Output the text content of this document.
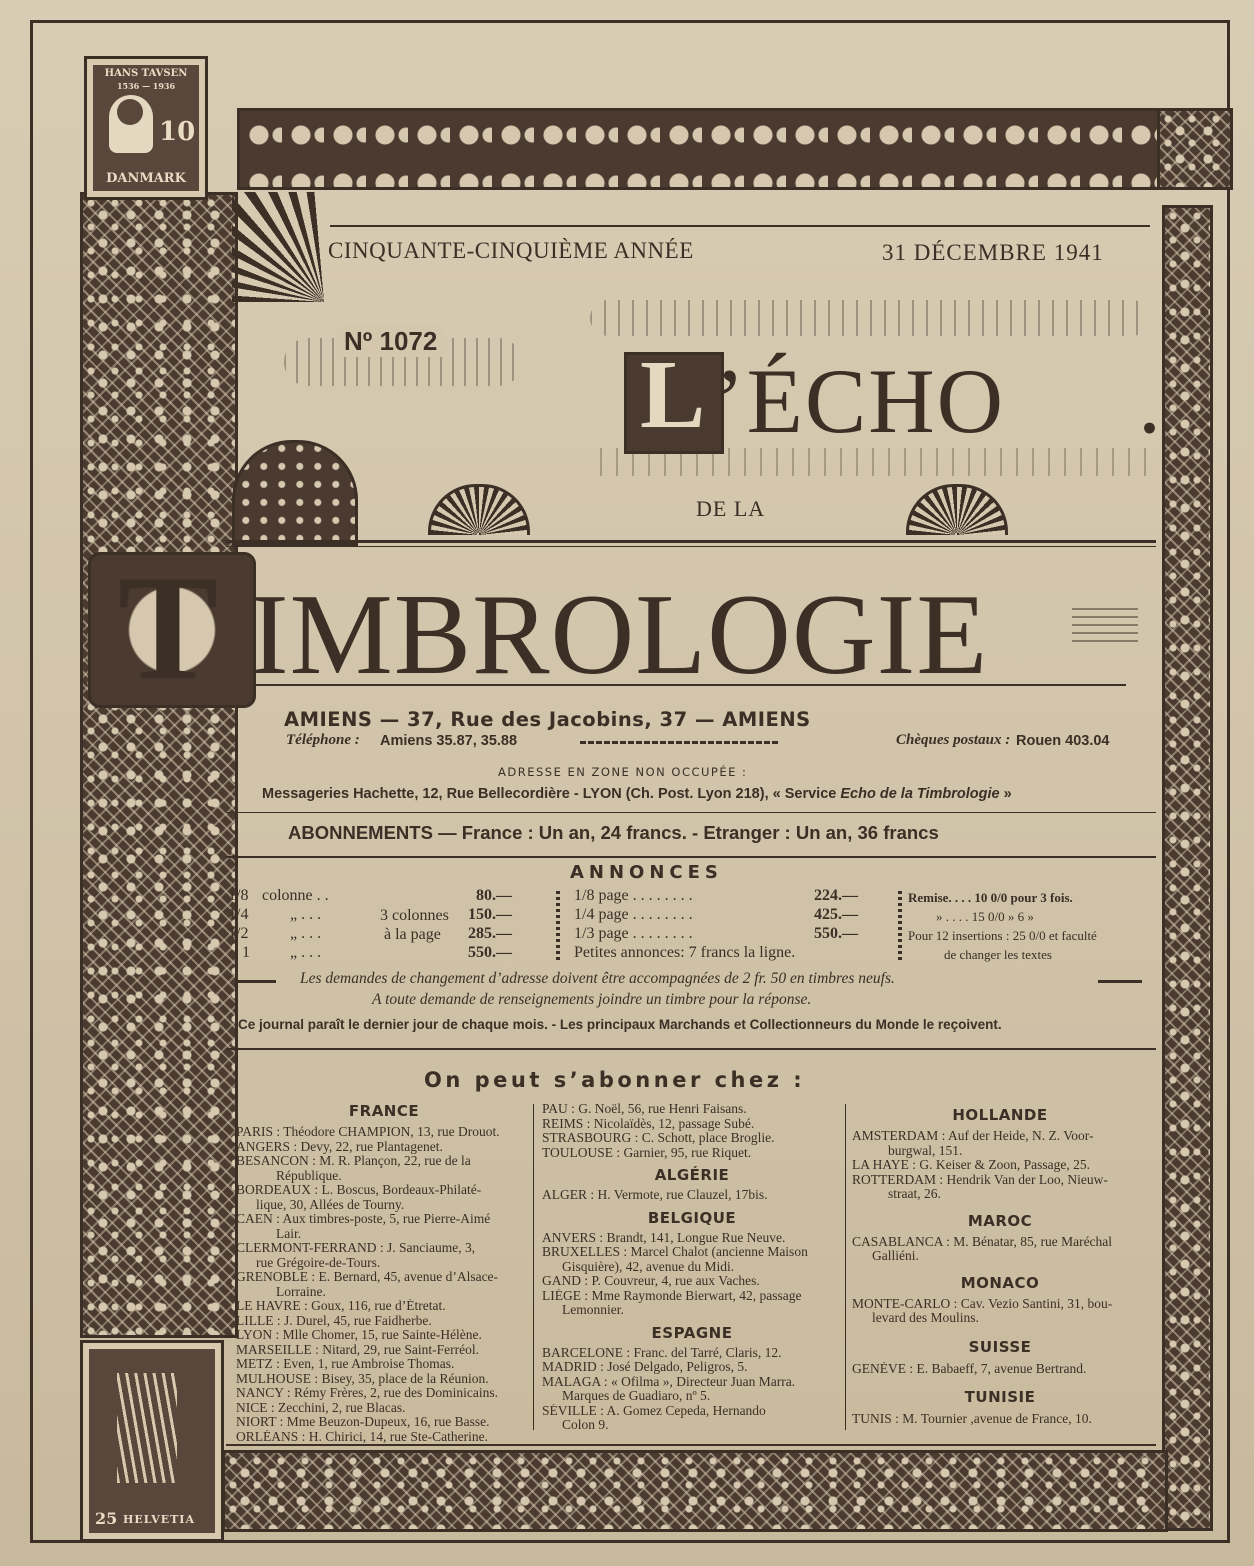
HANS TAVSEN
1536 — 1936
10
DANMARK
25 HELVETIA
CINQUANTE-CINQUIÈME ANNÉE	31 DÉCEMBRE 1941
Nº 1072 L ’ÉCHO .
DE LA
T IMBROLOGIE
AMIENS — 37, Rue des Jacobins, 37 — AMIENS
Téléphone : Amiens 35.87, 35.88	Chèques postaux : Rouen 403.04
ADRESSE EN ZONE NON OCCUPÉE :
Messageries Hachette, 12, Rue Bellecordière - LYON (Ch. Post. Lyon 218), « Service Echo de la Timbrologie »
ABONNEMENTS — France : Un an, 24 francs. - Etranger : Un an, 36 francs
ANNONCES
1/8 colonne . .	80.—
1/4	„ . . .	150.—
1/2	„ . . .	285.—
1	„ . . .	550.—
3 colonnes
à la page
1/8 page . . . . . . . .	224.—
1/4 page . . . . . . . .	425.—
1/3 page . . . . . . . .	550.—
Petites annonces: 7 francs la ligne.
Remise. . . . 10 0/0 pour 3 fois.
» . . . . 15 0/0 » 6 »
Pour 12 insertions : 25 0/0 et faculté
de changer les textes
Les demandes de changement d’adresse doivent être accompagnées de 2 fr. 50 en timbres neufs.
A toute demande de renseignements joindre un timbre pour la réponse.
Ce journal paraît le dernier jour de chaque mois. - Les principaux Marchands et Collectionneurs du Monde le reçoivent.
On peut s’abonner chez :
FRANCE
PARIS : Théodore CHAMPION, 13, rue Drouot.
ANGERS : Devy, 22, rue Plantagenet.
BESANCON : M. R. Plançon, 22, rue de la
République.
BORDEAUX : L. Boscus, Bordeaux-Philaté-
lique, 30, Allées de Tourny.
CAEN : Aux timbres-poste, 5, rue Pierre-Aimé
Lair.
CLERMONT-FERRAND : J. Sanciaume, 3,
rue Grégoire-de-Tours.
GRENOBLE : E. Bernard, 45, avenue d’Alsace-
Lorraine.
LE HAVRE : Goux, 116, rue d’Étretat.
LILLE : J. Durel, 45, rue Faidherbe.
LYON : Mlle Chomer, 15, rue Sainte-Hélène.
MARSEILLE : Nitard, 29, rue Saint-Ferréol.
METZ : Even, 1, rue Ambroise Thomas.
MULHOUSE : Bisey, 35, place de la Réunion.
NANCY : Rémy Frères, 2, rue des Dominicains.
NICE : Zecchini, 2, rue Blacas.
NIORT : Mme Beuzon-Dupeux, 16, rue Basse.
ORLÉANS : H. Chirici, 14, rue Ste-Catherine.
PAU : G. Noël, 56, rue Henri Faisans.
REIMS : Nicolaïdès, 12, passage Subé.
STRASBOURG : C. Schott, place Broglie.
TOULOUSE : Garnier, 95, rue Riquet.
ALGÉRIE
ALGER : H. Vermote, rue Clauzel, 17bis.
BELGIQUE
ANVERS : Brandt, 141, Longue Rue Neuve.
BRUXELLES : Marcel Chalot (ancienne Maison
Gisquière), 42, avenue du Midi.
GAND : P. Couvreur, 4, rue aux Vaches.
LIÉGE : Mme Raymonde Bierwart, 42, passage
Lemonnier.
ESPAGNE
BARCELONE : Franc. del Tarré, Claris, 12.
MADRID : José Delgado, Peligros, 5.
MALAGA : « Ofilma », Directeur Juan Marra.
Marques de Guadiaro, nº 5.
SÉVILLE : A. Gomez Cepeda, Hernando
Colon 9.
HOLLANDE
AMSTERDAM : Auf der Heide, N. Z. Voor-
burgwal, 151.
LA HAYE : G. Keiser & Zoon, Passage, 25.
ROTTERDAM : Hendrik Van der Loo, Nieuw-
straat, 26.
MAROC
CASABLANCA : M. Bénatar, 85, rue Maréchal
Galliéni.
MONACO
MONTE-CARLO : Cav. Vezio Santini, 31, bou-
levard des Moulins.
SUISSE
GENÈVE : E. Babaeff, 7, avenue Bertrand.
TUNISIE
TUNIS : M. Tournier ,avenue de France, 10.
